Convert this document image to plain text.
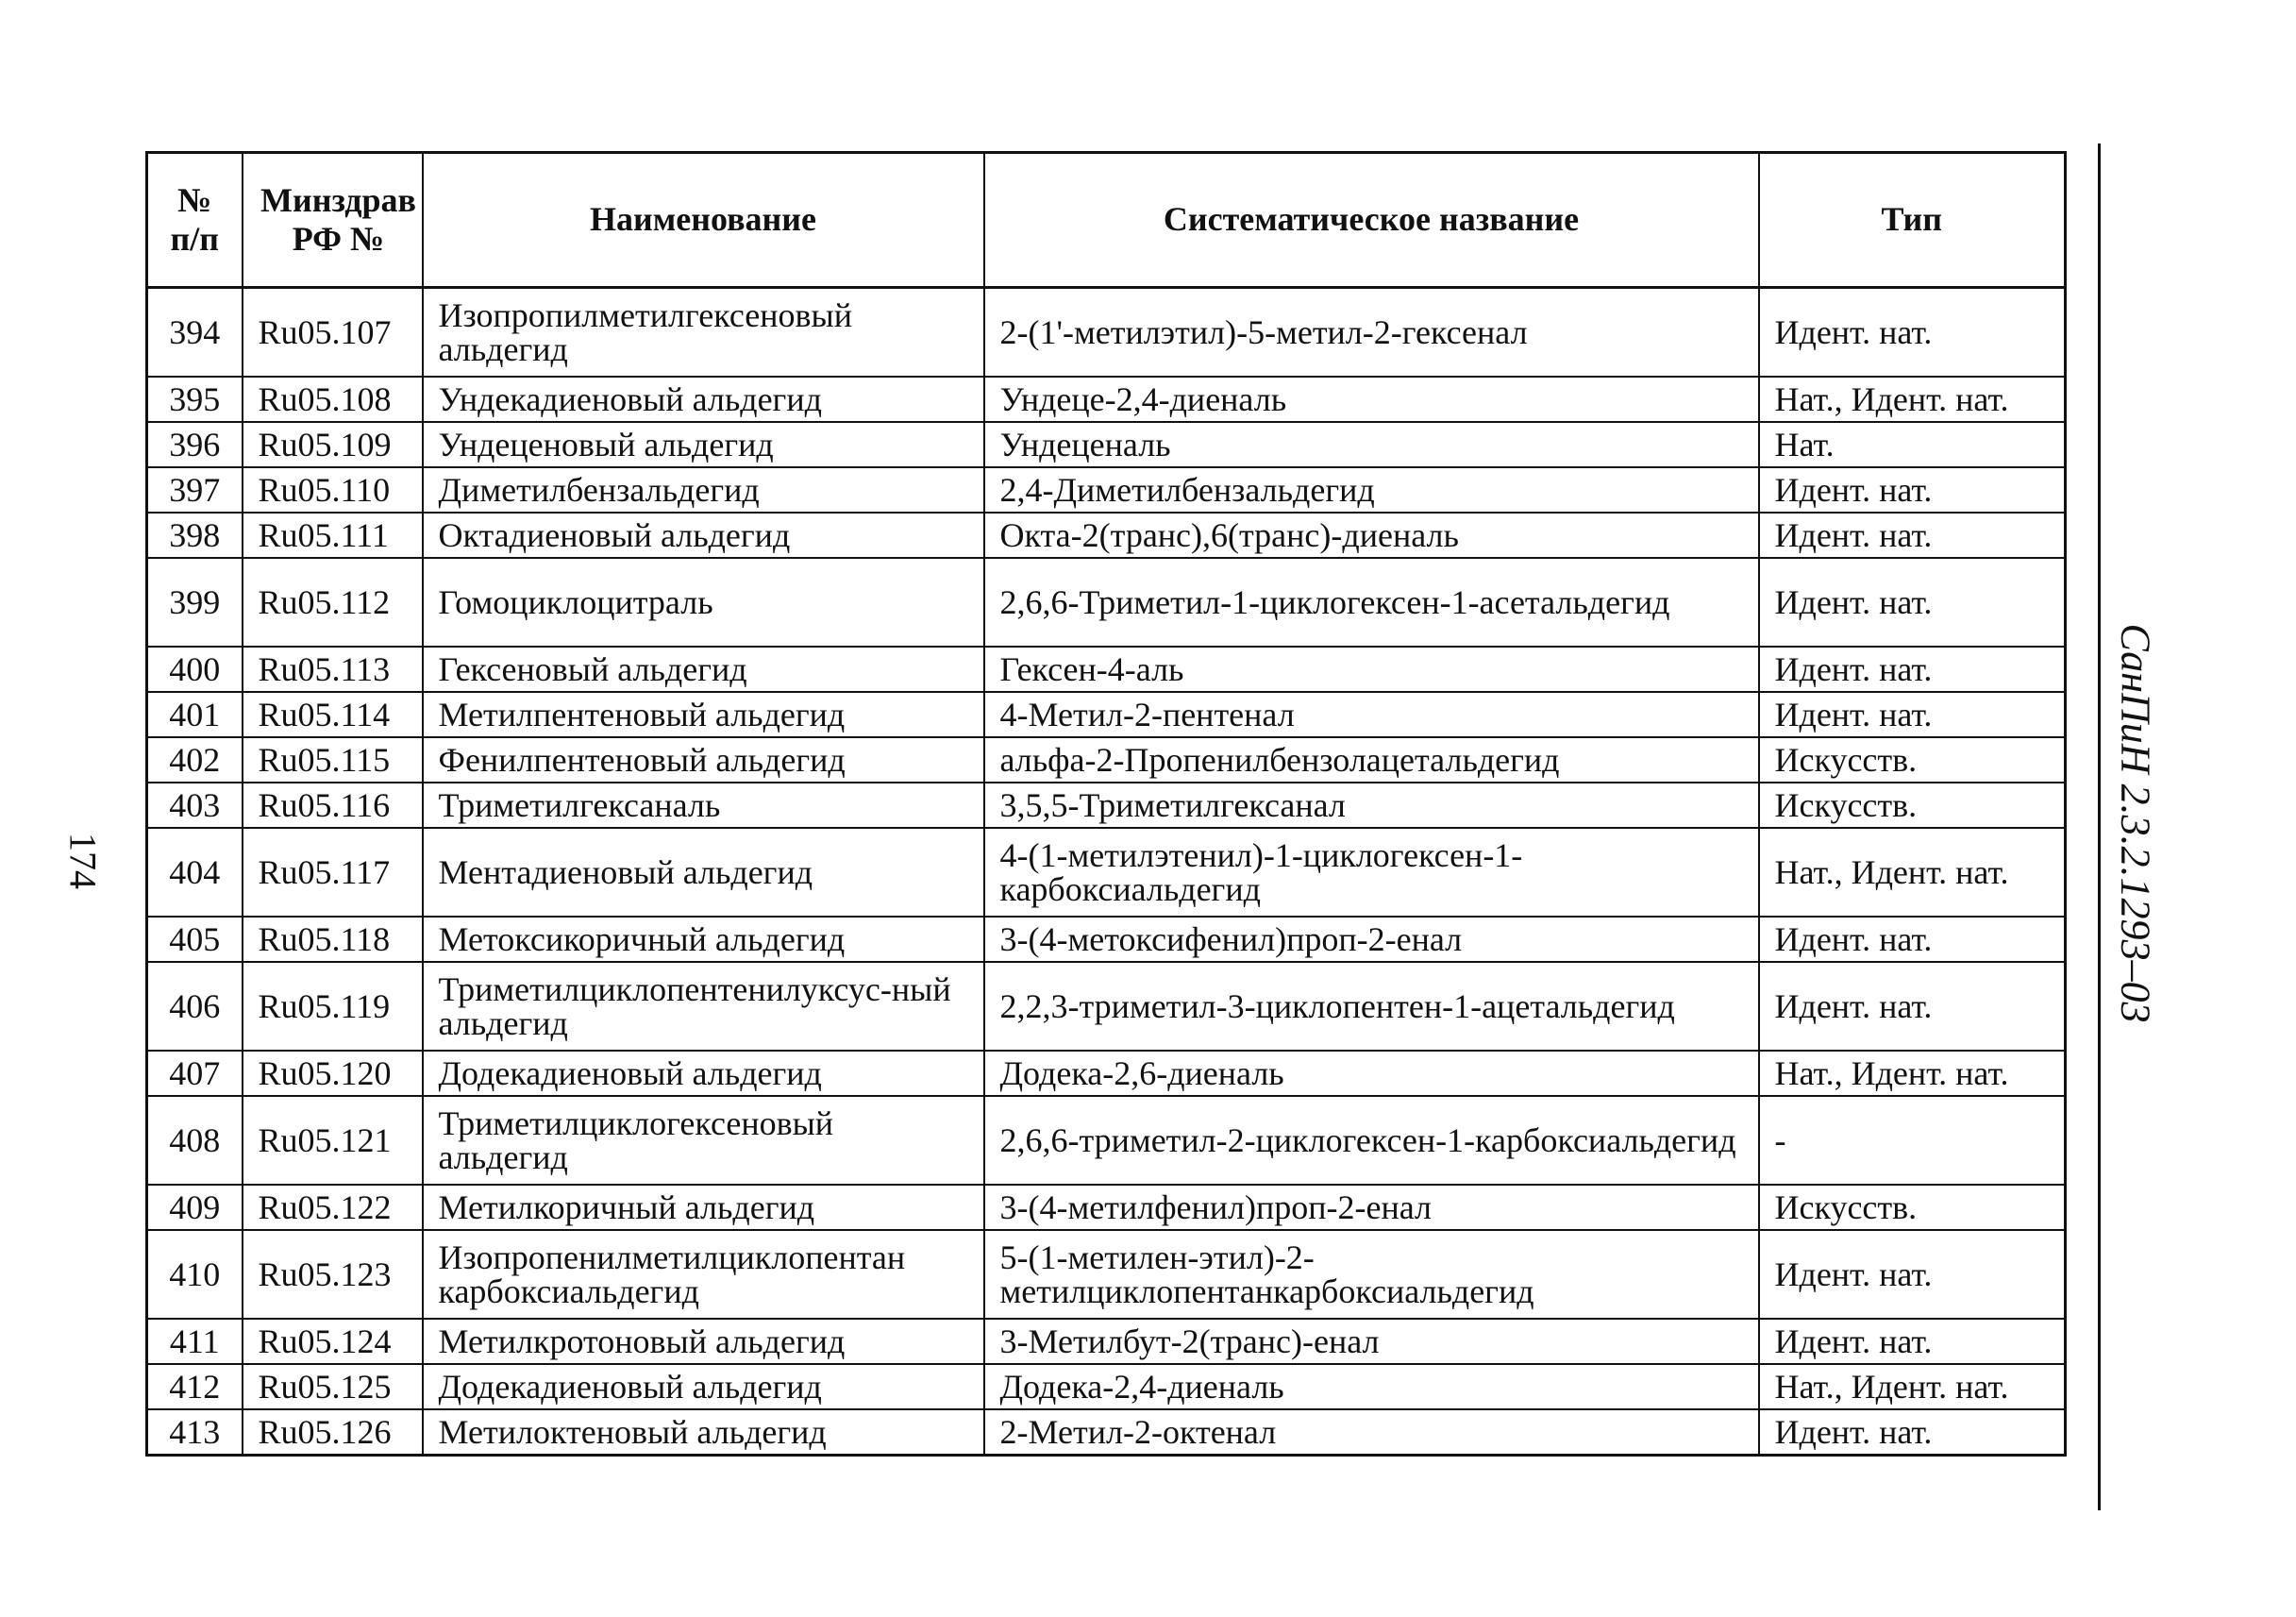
174	СанПиН 2.3.2.1293–03
№ п/п	Минздрав РФ №	Наименование	Систематическое название	Тип
394	Ru05.107	Изопропилметилгексеновый альдегид	2-(1'-метилэтил)-5-метил-2-гексенал	Идент. нат.
395	Ru05.108	Ундекадиеновый альдегид	Ундеце-2,4-диеналь	Нат., Идент. нат.
396	Ru05.109	Ундеценовый альдегид	Ундеценаль	Нат.
397	Ru05.110	Диметилбензальдегид	2,4-Диметилбензальдегид	Идент. нат.
398	Ru05.111	Октадиеновый альдегид	Окта-2(транс),6(транс)-диеналь	Идент. нат.
399	Ru05.112	Гомоциклоцитраль	2,6,6-Триметил-1-циклогексен-1-асетальдегид	Идент. нат.
400	Ru05.113	Гексеновый альдегид	Гексен-4-аль	Идент. нат.
401	Ru05.114	Метилпентеновый альдегид	4-Метил-2-пентенал	Идент. нат.
402	Ru05.115	Фенилпентеновый альдегид	альфа-2-Пропенилбензолацетальдегид	Искусств.
403	Ru05.116	Триметилгексаналь	3,5,5-Триметилгексанал	Искусств.
404	Ru05.117	Ментадиеновый альдегид	4-(1-метилэтенил)-1-циклогексен-1-карбоксиальдегид	Нат., Идент. нат.
405	Ru05.118	Метоксикоричный альдегид	3-(4-метоксифенил)проп-2-енал	Идент. нат.
406	Ru05.119	Триметилциклопентенилуксус-ный альдегид	2,2,3-триметил-3-циклопентен-1-ацетальдегид	Идент. нат.
407	Ru05.120	Додекадиеновый альдегид	Додека-2,6-диеналь	Нат., Идент. нат.
408	Ru05.121	Триметилциклогексеновый альдегид	2,6,6-триметил-2-циклогексен-1-карбоксиальдегид	-
409	Ru05.122	Метилкоричный альдегид	3-(4-метилфенил)проп-2-енал	Искусств.
410	Ru05.123	Изопропенилметилциклопентан карбоксиальдегид	5-(1-метилен-этил)-2-метилциклопентанкарбоксиальдегид	Идент. нат.
411	Ru05.124	Метилкротоновый альдегид	3-Метилбут-2(транс)-енал	Идент. нат.
412	Ru05.125	Додекадиеновый альдегид	Додека-2,4-диеналь	Нат., Идент. нат.
413	Ru05.126	Метилоктеновый альдегид	2-Метил-2-октенал	Идент. нат.
